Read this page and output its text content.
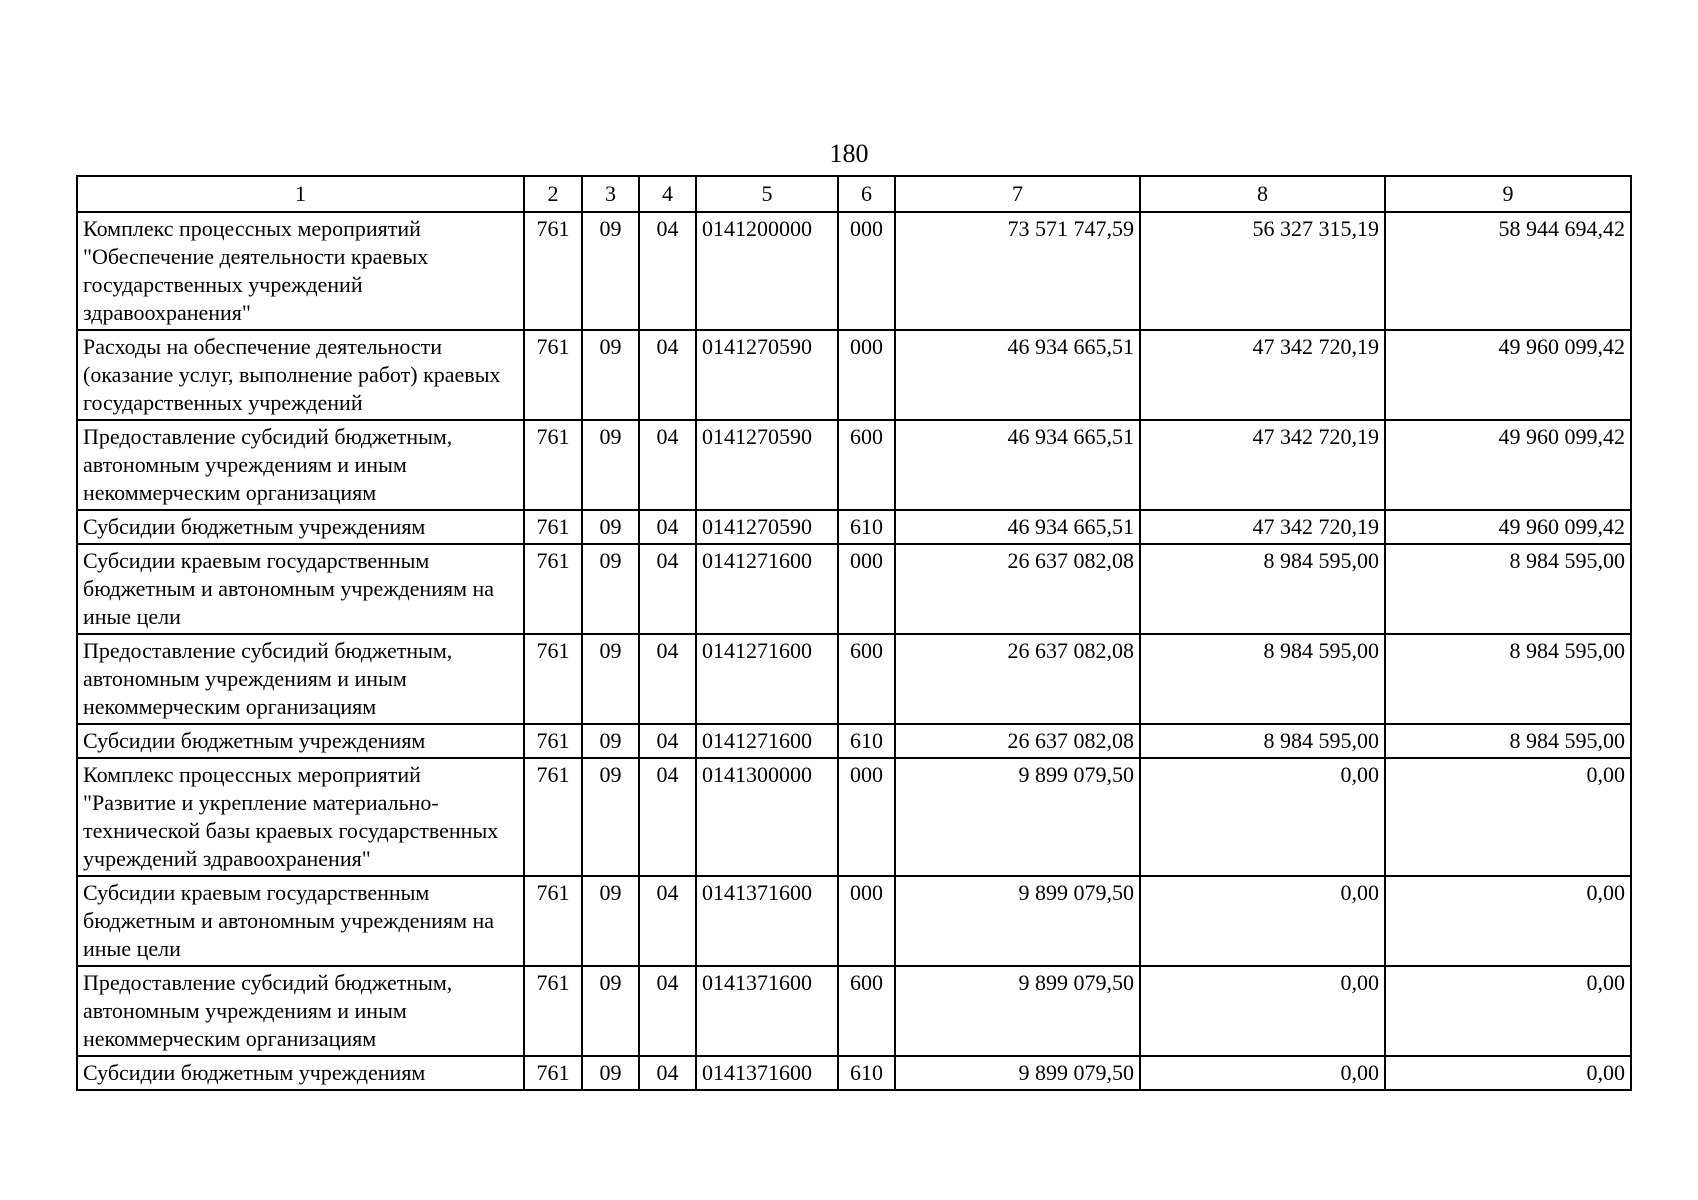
180
1	2	3	4	5	6	7	8	9
Комплекс процессных мероприятий "Обеспечение деятельности краевых государственных учреждений здравоохранения"	761	09	04	0141200000	000	73 571 747,59	56 327 315,19	58 944 694,42
Расходы на обеспечение деятельности (оказание услуг, выполнение работ) краевых государственных учреждений	761	09	04	0141270590	000	46 934 665,51	47 342 720,19	49 960 099,42
Предоставление субсидий бюджетным, автономным учреждениям и иным некоммерческим организациям	761	09	04	0141270590	600	46 934 665,51	47 342 720,19	49 960 099,42
Субсидии бюджетным учреждениям	761	09	04	0141270590	610	46 934 665,51	47 342 720,19	49 960 099,42
Субсидии краевым государственным бюджетным и автономным учреждениям на иные цели	761	09	04	0141271600	000	26 637 082,08	8 984 595,00	8 984 595,00
Предоставление субсидий бюджетным, автономным учреждениям и иным некоммерческим организациям	761	09	04	0141271600	600	26 637 082,08	8 984 595,00	8 984 595,00
Субсидии бюджетным учреждениям	761	09	04	0141271600	610	26 637 082,08	8 984 595,00	8 984 595,00
Комплекс процессных мероприятий "Развитие и укрепление материально-технической базы краевых государственных учреждений здравоохранения"	761	09	04	0141300000	000	9 899 079,50	0,00	0,00
Субсидии краевым государственным бюджетным и автономным учреждениям на иные цели	761	09	04	0141371600	000	9 899 079,50	0,00	0,00
Предоставление субсидий бюджетным, автономным учреждениям и иным некоммерческим организациям	761	09	04	0141371600	600	9 899 079,50	0,00	0,00
Субсидии бюджетным учреждениям	761	09	04	0141371600	610	9 899 079,50	0,00	0,00
